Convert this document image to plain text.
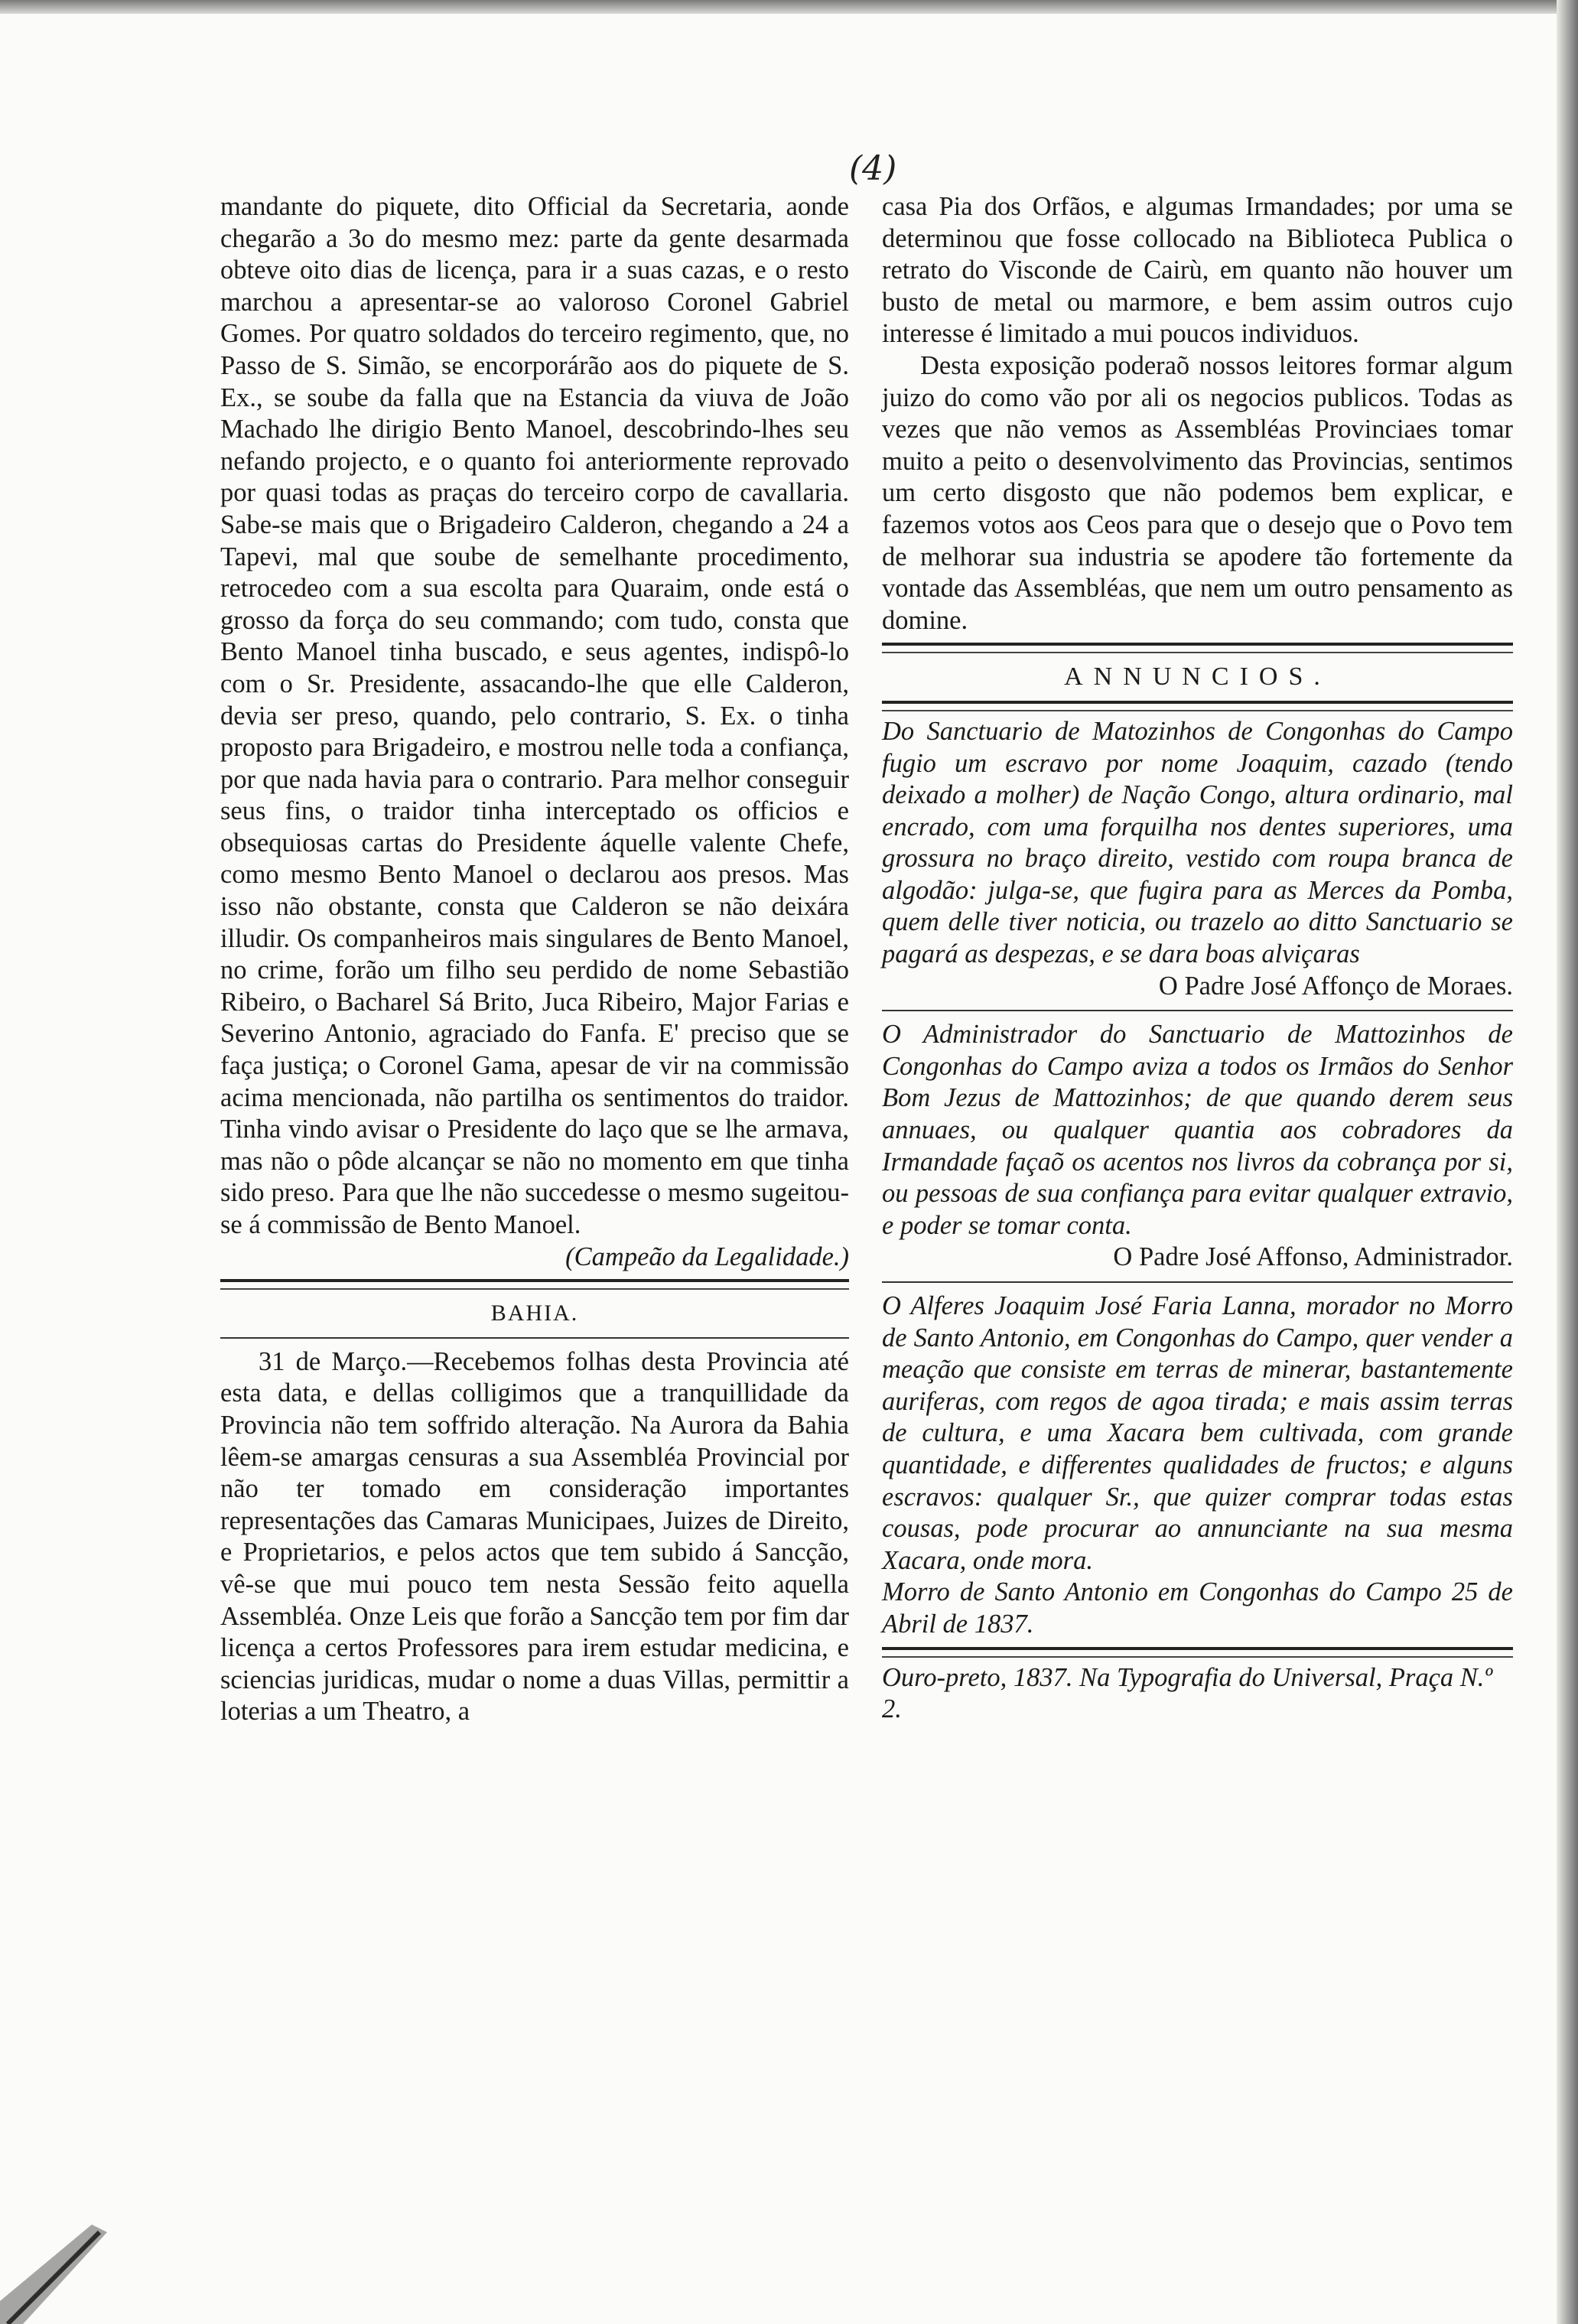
(4)

mandante do piquete, dito Official da Secretaria, aonde chegarão a 3o do mesmo mez: parte da gente desarmada obteve oito dias de licença, para ir a suas cazas, e o resto marchou a apresentar-se ao valoroso Coronel Gabriel Gomes. Por quatro soldados do terceiro regimento, que, no Passo de S. Simão, se encorporárão aos do piquete de S. Ex., se soube da falla que na Estancia da viuva de João Machado lhe dirigio Bento Manoel, descobrindo-lhes seu nefando projecto, e o quanto foi anteriormente reprovado por quasi todas as praças do terceiro corpo de cavallaria. Sabe-se mais que o Brigadeiro Calderon, chegando a 24 a Tapevi, mal que soube de semelhante procedimento, retrocedeo com a sua escolta para Quaraim, onde está o grosso da força do seu commando; com tudo, consta que Bento Manoel tinha buscado, e seus agentes, indispô-lo com o Sr. Presidente, assacando-lhe que elle Calderon, devia ser preso, quando, pelo contrario, S. Ex. o tinha proposto para Brigadeiro, e mostrou nelle toda a confiança, por que nada havia para o contrario. Para melhor conseguir seus fins, o traidor tinha interceptado os officios e obsequiosas cartas do Presidente áquelle valente Chefe, como mesmo Bento Manoel o declarou aos presos. Mas isso não obstante, consta que Calderon se não deixára illudir. Os companheiros mais singulares de Bento Manoel, no crime, forão um filho seu perdido de nome Sebastião Ribeiro, o Bacharel Sá Brito, Juca Ribeiro, Major Farias e Severino Antonio, agraciado do Fanfa. E' preciso que se faça justiça; o Coronel Gama, apesar de vir na commissão acima mencionada, não partilha os sentimentos do traidor. Tinha vindo avisar o Presidente do laço que se lhe armava, mas não o pôde alcançar se não no momento em que tinha sido preso. Para que lhe não succedesse o mesmo sugeitou-se á commissão de Bento Manoel.

(Campeão da Legalidade.)

BAHIA.

31 de Março.—Recebemos folhas desta Provincia até esta data, e dellas colligimos que a tranquillidade da Provincia não tem soffrido alteração. Na Aurora da Bahia lêem-se amargas censuras a sua Assembléa Provincial por não ter tomado em consideração importantes representações das Camaras Municipaes, Juizes de Direito, e Proprietarios, e pelos actos que tem subido á Sancção, vê-se que mui pouco tem nesta Sessão feito aquella Assembléa. Onze Leis que forão a Sancção tem por fim dar licença a certos Professores para irem estudar medicina, e sciencias juridicas, mudar o nome a duas Villas, permittir a loterias a um Theatro, a

casa Pia dos Orfãos, e algumas Irmandades; por uma se determinou que fosse collocado na Biblioteca Publica o retrato do Visconde de Cairù, em quanto não houver um busto de metal ou marmore, e bem assim outros cujo interesse é limitado a mui poucos individuos.

Desta exposição poderaõ nossos leitores formar algum juizo do como vão por ali os negocios publicos. Todas as vezes que não vemos as Assembléas Provinciaes tomar muito a peito o desenvolvimento das Provincias, sentimos um certo disgosto que não podemos bem explicar, e fazemos votos aos Ceos para que o desejo que o Povo tem de melhorar sua industria se apodere tão fortemente da vontade das Assembléas, que nem um outro pensamento as domine.

ANNUNCIOS.

Do Sanctuario de Matozinhos de Congonhas do Campo fugio um escravo por nome Joaquim, cazado (tendo deixado a molher) de Nação Congo, altura ordinario, mal encrado, com uma forquilha nos dentes superiores, uma grossura no braço direito, vestido com roupa branca de algodão: julga-se, que fugira para as Merces da Pomba, quem delle tiver noticia, ou trazelo ao ditto Sanctuario se pagará as despezas, e se dara boas alviçaras

O Padre José Affonço de Moraes.

O Administrador do Sanctuario de Mattozinhos de Congonhas do Campo aviza a todos os Irmãos do Senhor Bom Jezus de Mattozinhos; de que quando derem seus annuaes, ou qualquer quantia aos cobradores da Irmandade façaõ os acentos nos livros da cobrança por si, ou pessoas de sua confiança para evitar qualquer extravio, e poder se tomar conta.

O Padre José Affonso, Administrador.

O Alferes Joaquim José Faria Lanna, morador no Morro de Santo Antonio, em Congonhas do Campo, quer vender a meação que consiste em terras de minerar, bastantemente auriferas, com regos de agoa tirada; e mais assim terras de cultura, e uma Xacara bem cultivada, com grande quantidade, e differentes qualidades de fructos; e alguns escravos: qualquer Sr., que quizer comprar todas estas cousas, pode procurar ao annunciante na sua mesma Xacara, onde mora.

Morro de Santo Antonio em Congonhas do Campo 25 de Abril de 1837.

Ouro-preto, 1837. Na Typografia do Universal, Praça N.º 2.
